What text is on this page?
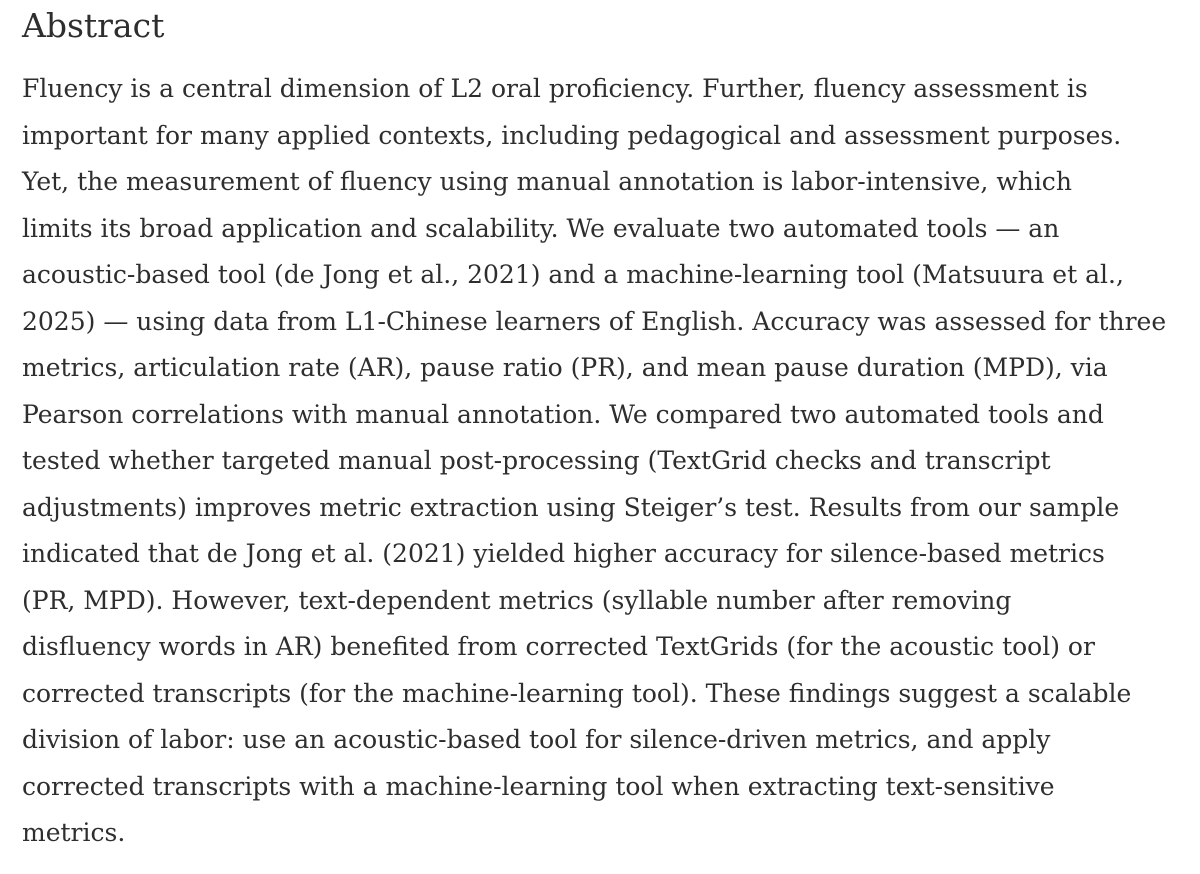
Abstract

Fluency is a central dimension of L2 oral proficiency. Further, fluency assessment is
important for many applied contexts, including pedagogical and assessment purposes.
Yet, the measurement of fluency using manual annotation is labor-intensive, which
limits its broad application and scalability. We evaluate two automated tools — an
acoustic-based tool (de Jong et al., 2021) and a machine-learning tool (Matsuura et al.,
2025) — using data from L1-Chinese learners of English. Accuracy was assessed for three
metrics, articulation rate (AR), pause ratio (PR), and mean pause duration (MPD), via
Pearson correlations with manual annotation. We compared two automated tools and
tested whether targeted manual post-processing (TextGrid checks and transcript
adjustments) improves metric extraction using Steiger’s test. Results from our sample
indicated that de Jong et al. (2021) yielded higher accuracy for silence-based metrics
(PR, MPD). However, text-dependent metrics (syllable number after removing
disfluency words in AR) benefited from corrected TextGrids (for the acoustic tool) or
corrected transcripts (for the machine-learning tool). These findings suggest a scalable
division of labor: use an acoustic-based tool for silence-driven metrics, and apply
corrected transcripts with a machine-learning tool when extracting text-sensitive
metrics.
